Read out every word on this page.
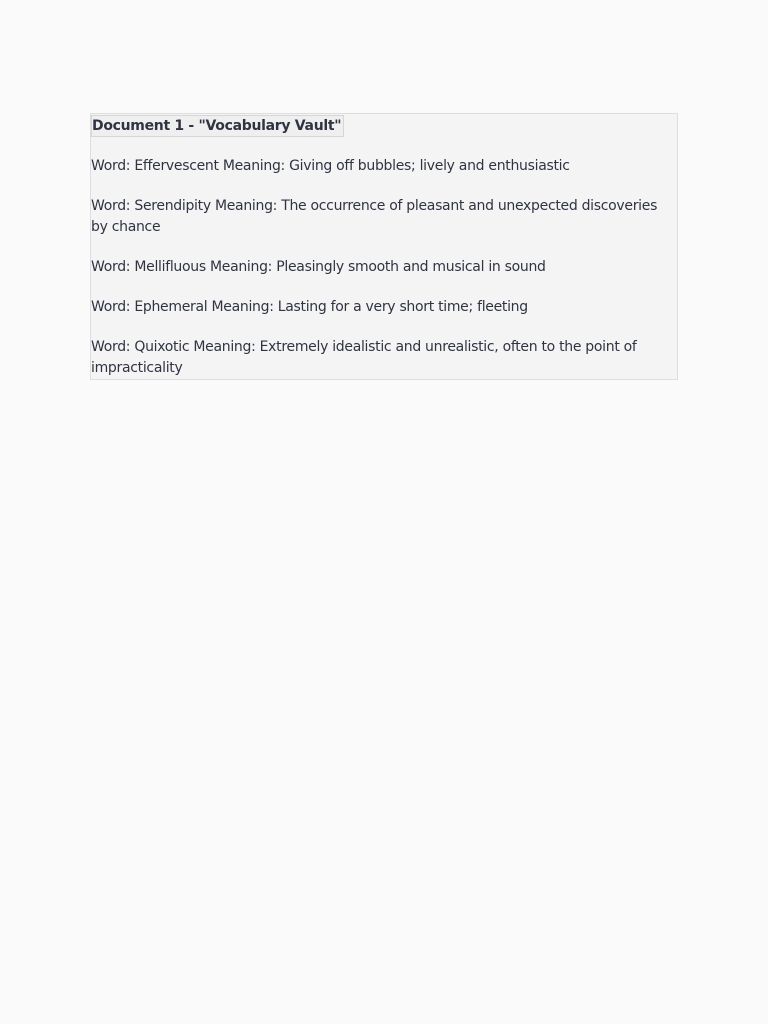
Document 1 - "Vocabulary Vault"

Word: Effervescent Meaning: Giving off bubbles; lively and enthusiastic

Word: Serendipity Meaning: The occurrence of pleasant and unexpected discoveries by chance

Word: Mellifluous Meaning: Pleasingly smooth and musical in sound

Word: Ephemeral Meaning: Lasting for a very short time; fleeting

Word: Quixotic Meaning: Extremely idealistic and unrealistic, often to the point of impracticality
